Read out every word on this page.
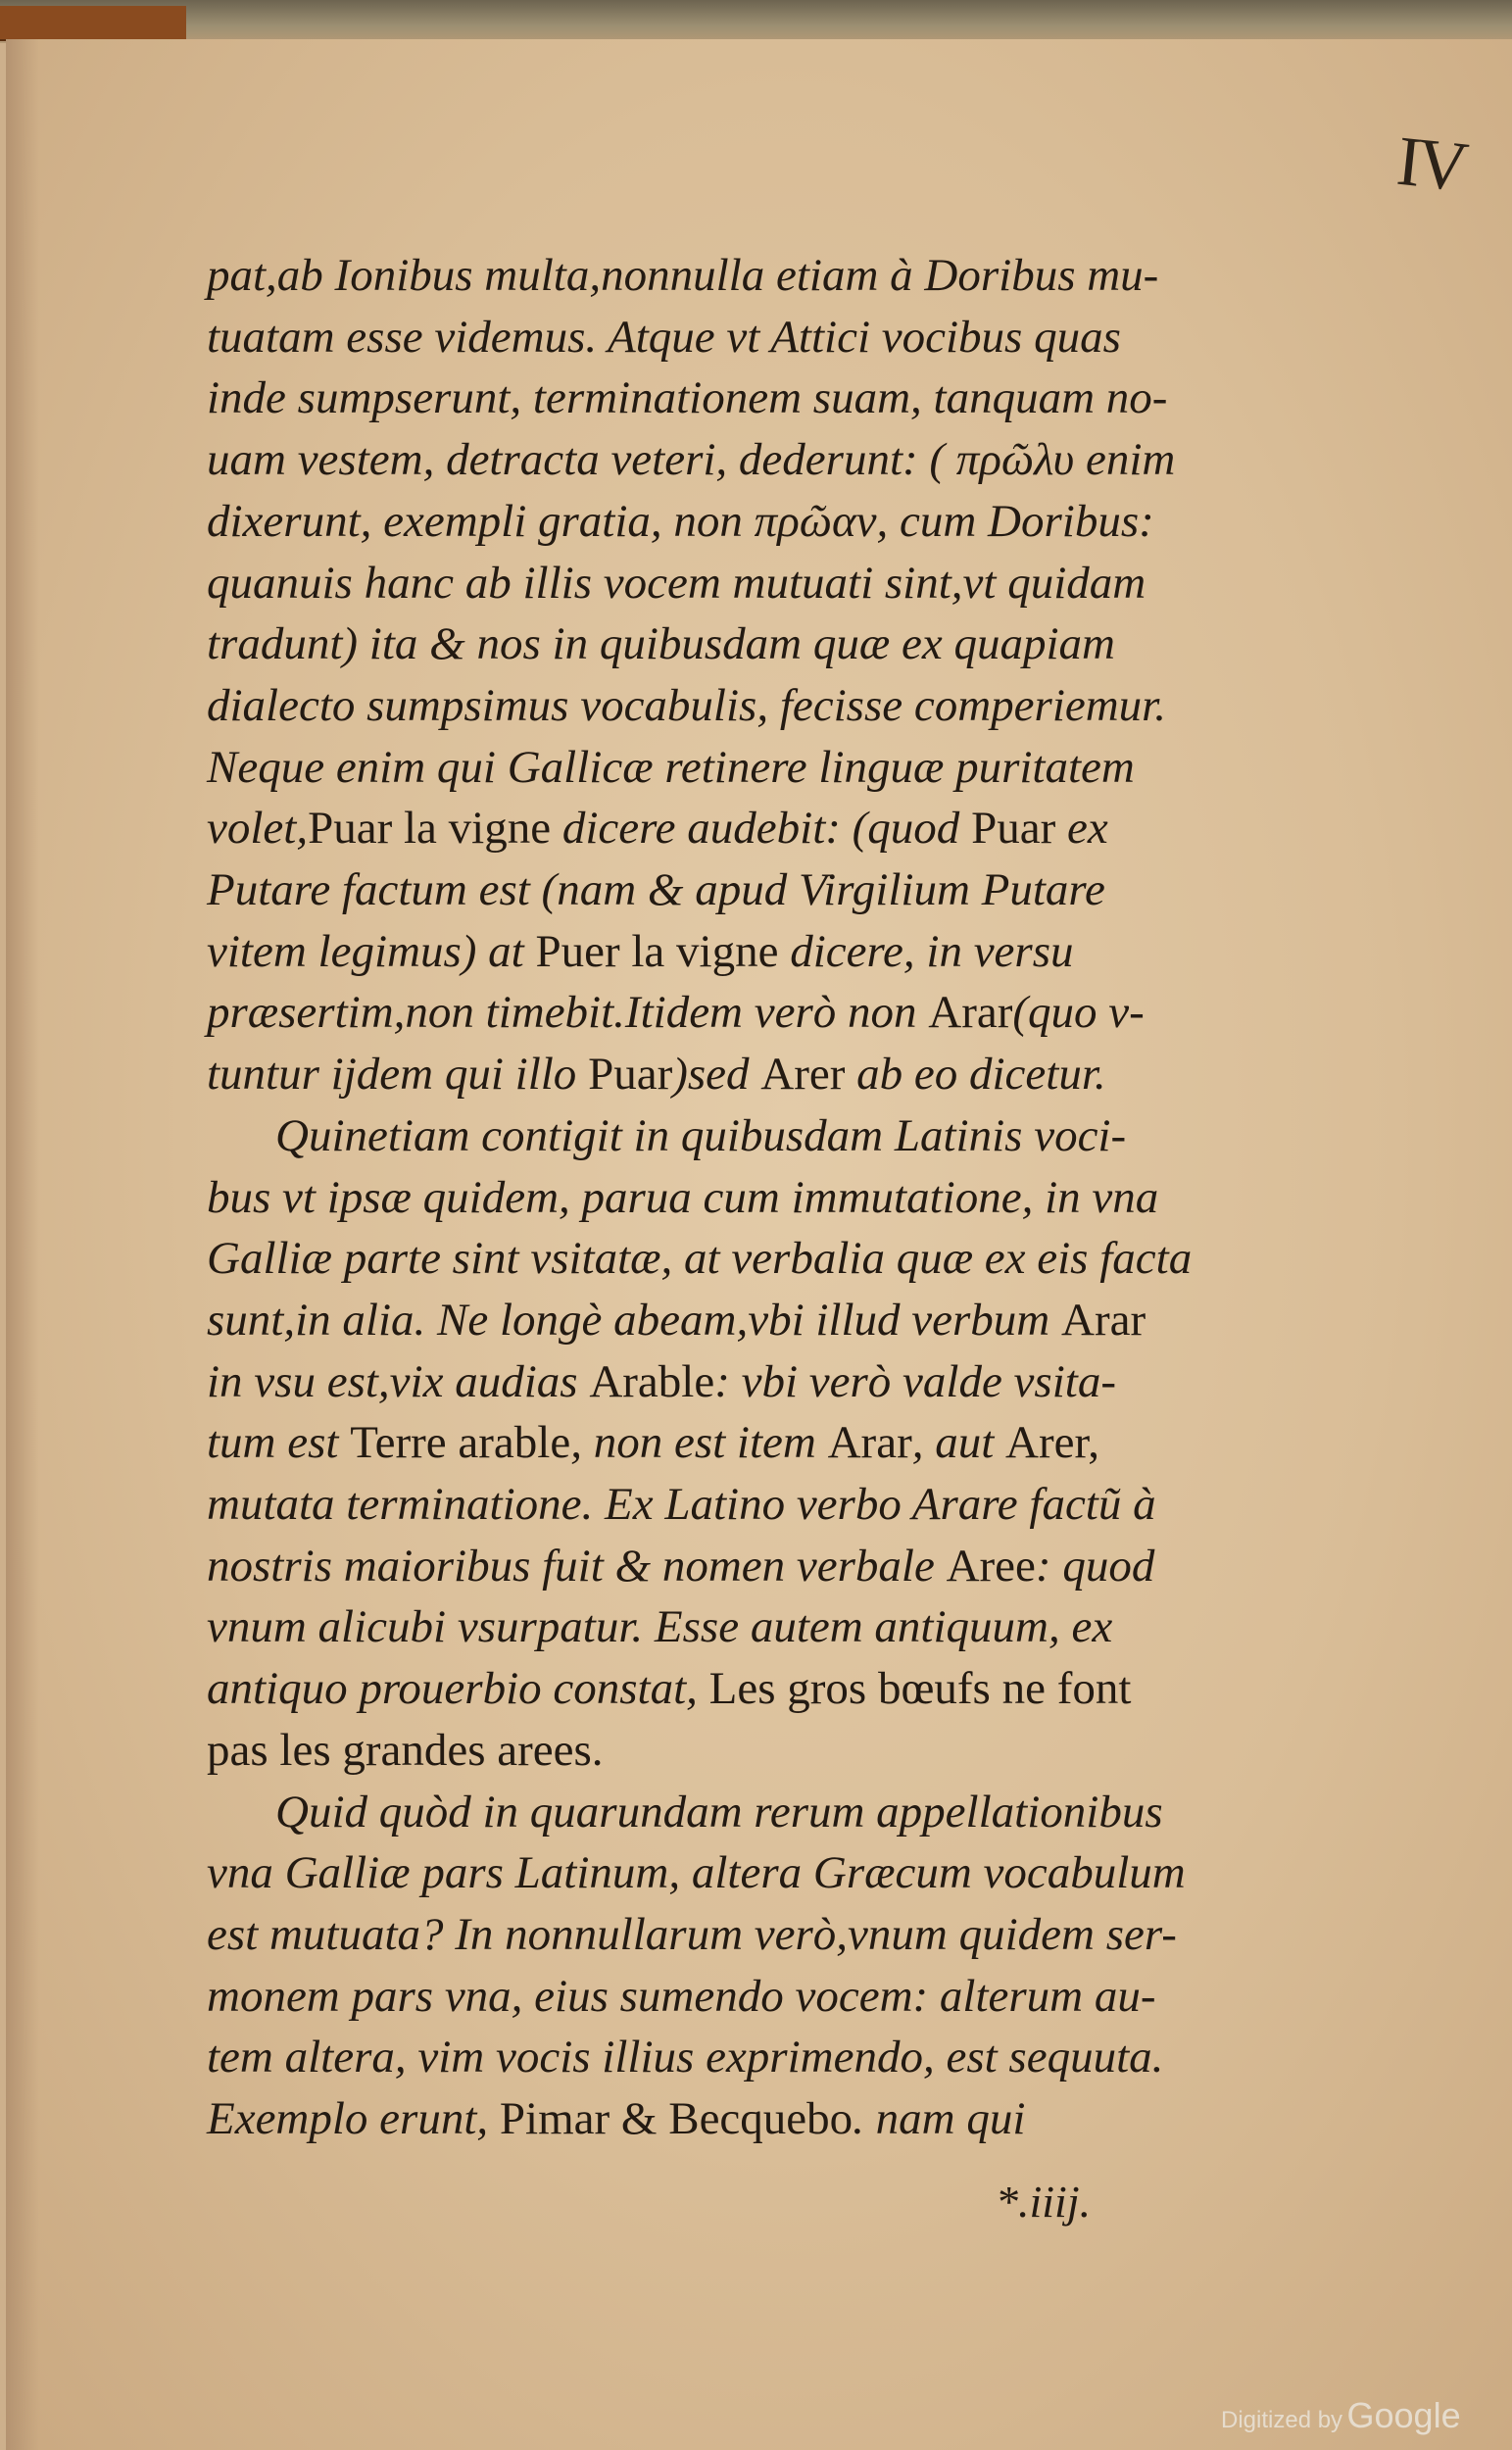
IV
pat,ab Ionibus multa,nonnulla etiam à Doribus mu-
tuatam esse videmus. Atque vt Attici vocibus quas
inde sumpserunt, terminationem suam, tanquam no-
uam vestem, detracta veteri, dederunt: ( πρῶλυ enim
dixerunt, exempli gratia, non πρῶαν, cum Doribus:
quanuis hanc ab illis vocem mutuati sint,vt quidam
tradunt) ita & nos in quibusdam quæ ex quapiam
dialecto sumpsimus vocabulis, fecisse comperiemur.
Neque enim qui Gallicæ retinere linguæ puritatem
volet,Puar la vigne dicere audebit: (quod Puar ex
Putare factum est (nam & apud Virgilium Putare
vitem legimus) at Puer la vigne dicere, in versu
præsertim,non timebit.Itidem verò non Arar(quo v-
tuntur ijdem qui illo Puar)sed Arer ab eo dicetur.
Quinetiam contigit in quibusdam Latinis voci-
bus vt ipsæ quidem, parua cum immutatione, in vna
Galliæ parte sint vsitatæ, at verbalia quæ ex eis facta
sunt,in alia. Ne longè abeam,vbi illud verbum Arar
in vsu est,vix audias Arable: vbi verò valde vsita-
tum est Terre arable, non est item Arar, aut Arer,
mutata terminatione. Ex Latino verbo Arare factũ à
nostris maioribus fuit & nomen verbale Aree: quod
vnum alicubi vsurpatur. Esse autem antiquum, ex
antiquo prouerbio constat, Les gros bœufs ne font
pas les grandes arees.
Quid quòd in quarundam rerum appellationibus
vna Galliæ pars Latinum, altera Græcum vocabulum
est mutuata? In nonnullarum verò,vnum quidem ser-
monem pars vna, eius sumendo vocem: alterum au-
tem altera, vim vocis illius exprimendo, est sequuta.
Exemplo erunt, Pimar & Becquebo. nam qui
*.iiij.
Digitized by Google
